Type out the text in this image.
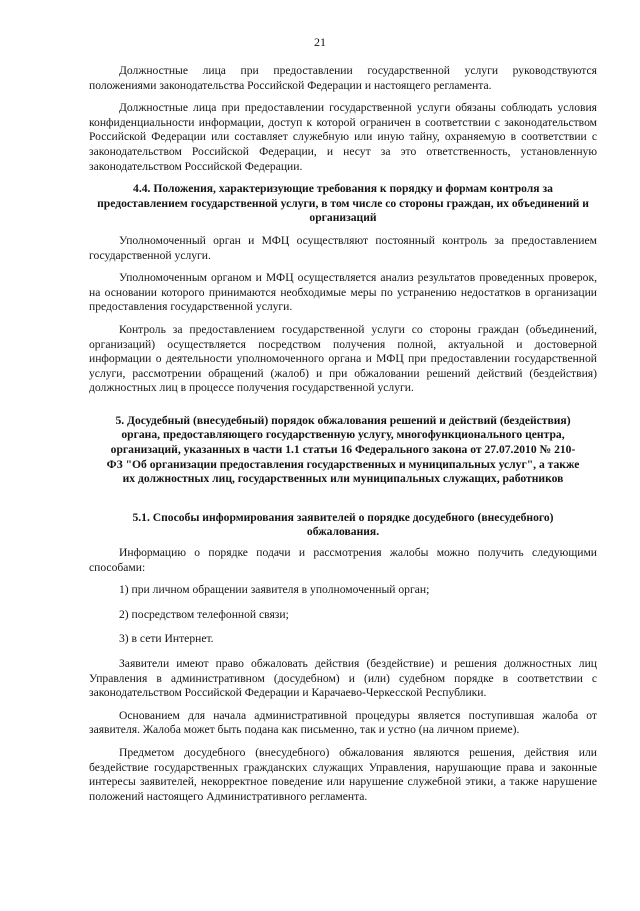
21

Должностные лица при предоставлении государственной услуги руководствуются положениями законодательства Российской Федерации и настоящего регламента.

Должностные лица при предоставлении государственной услуги обязаны соблюдать условия конфиденциальности информации, доступ к которой ограничен в соответствии с законодательством Российской Федерации или составляет служебную или иную тайну, охраняемую в соответствии с законодательством Российской Федерации, и несут за это ответственность, установленную законодательством Российской Федерации.

4.4. Положения, характеризующие требования к порядку и формам контроля за предоставлением государственной услуги, в том числе со стороны граждан, их объединений и организаций

Уполномоченный орган и МФЦ осуществляют постоянный контроль за предоставлением государственной услуги.

Уполномоченным органом и МФЦ осуществляется анализ результатов проведенных проверок, на основании которого принимаются необходимые меры по устранению недостатков в организации предоставления государственной услуги.

Контроль за предоставлением государственной услуги со стороны граждан (объединений, организаций) осуществляется посредством получения полной, актуальной и достоверной информации о деятельности уполномоченного органа и МФЦ при предоставлении государственной услуги, рассмотрении обращений (жалоб) и при обжаловании решений действий (бездействия) должностных лиц в процессе получения государственной услуги.

5. Досудебный (внесудебный) порядок обжалования решений и действий (бездействия) органа, предоставляющего государственную услугу, многофункционального центра, организаций, указанных в части 1.1 статьи 16 Федерального закона от 27.07.2010 № 210-ФЗ "Об организации предоставления государственных и муниципальных услуг", а также их должностных лиц, государственных или муниципальных служащих, работников

5.1. Способы информирования заявителей о порядке досудебного (внесудебного) обжалования.

Информацию о порядке подачи и рассмотрения жалобы можно получить следующими способами:

1) при личном обращении заявителя в уполномоченный орган;

2) посредством телефонной связи;

3) в сети Интернет.

Заявители имеют право обжаловать действия (бездействие) и решения должностных лиц Управления в административном (досудебном) и (или) судебном порядке в соответствии с законодательством Российской Федерации и Карачаево-Черкесской Республики.

Основанием для начала административной процедуры является поступившая жалоба от заявителя. Жалоба может быть подана как письменно, так и устно (на личном приеме).

Предметом досудебного (внесудебного) обжалования являются решения, действия или бездействие государственных гражданских служащих Управления, нарушающие права и законные интересы заявителей, некорректное поведение или нарушение служебной этики, а также нарушение положений настоящего Административного регламента.
